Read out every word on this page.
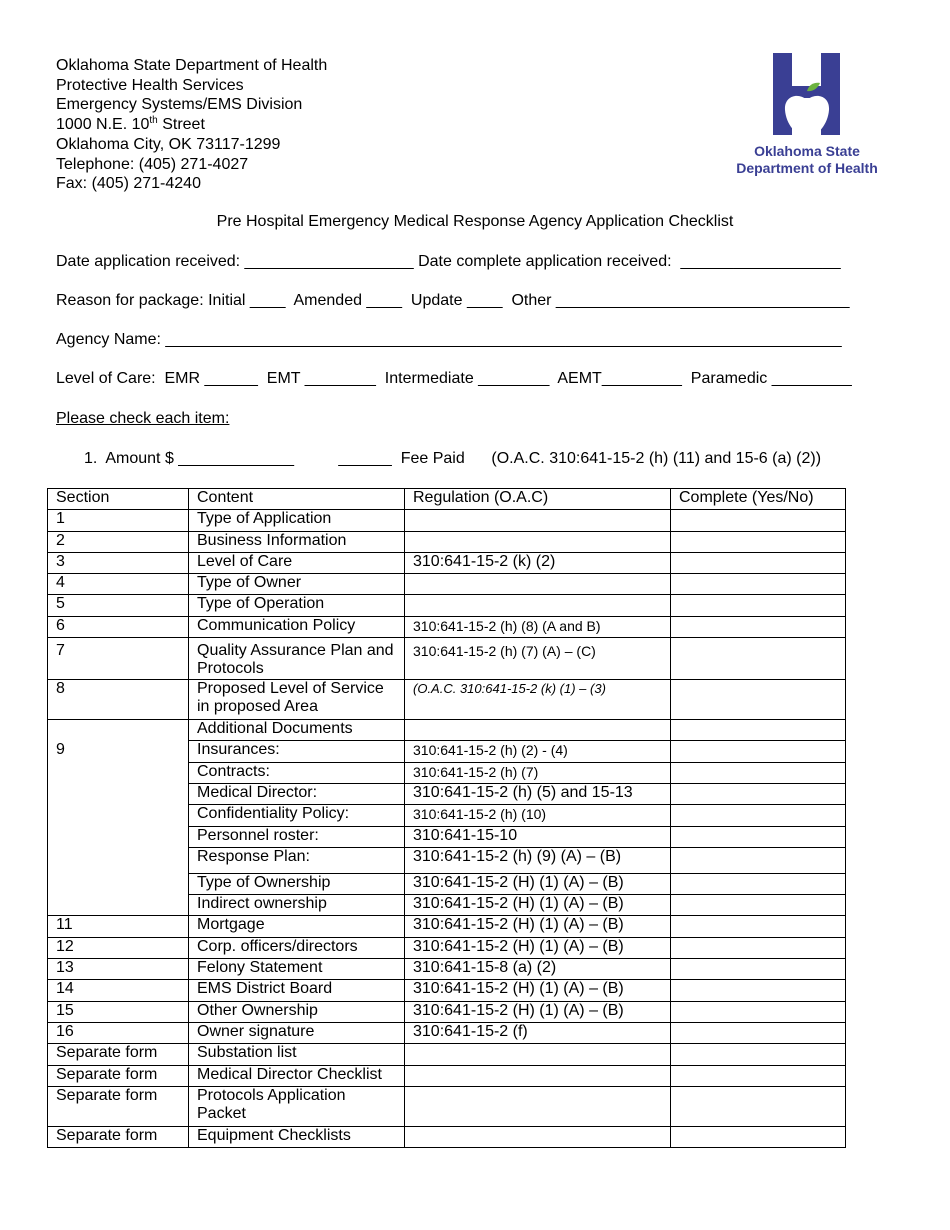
Oklahoma State Department of Health
Protective Health Services
Emergency Systems/EMS Division
1000 N.E. 10th Street
Oklahoma City, OK 73117-1299
Telephone: (405) 271-4027
Fax: (405) 271-4240
Oklahoma State
Department of Health
Pre Hospital Emergency Medical Response Agency Application Checklist
Date application received: ___________________ Date complete application received:  __________________
Reason for package: Initial ____  Amended ____  Update ____  Other _________________________________
Agency Name: ____________________________________________________________________________
Level of Care:  EMR ______  EMT ________  Intermediate ________  AEMT_________  Paramedic _________
Please check each item:
1.  Amount $ _____________          ______  Fee Paid      (O.A.C. 310:641-15-2 (h) (11) and 15-6 (a) (2))
Section	Content	Regulation (O.A.C)	Complete (Yes/No)
1	Type of Application		
2	Business Information		
3	Level of Care	310:641-15-2 (k) (2)	
4	Type of Owner		
5	Type of Operation		
6	Communication Policy	310:641-15-2 (h) (8) (A and B)	
7	Quality Assurance Plan and Protocols	310:641-15-2 (h) (7) (A) – (C)	
8	Proposed Level of Service in proposed Area	(O.A.C. 310:641-15-2 (k) (1) – (3)	
	Additional Documents		
9	Insurances:	310:641-15-2 (h) (2) - (4)	
	Contracts:	310:641-15-2 (h) (7)	
	Medical Director:	310:641-15-2 (h) (5) and 15-13	
	Confidentiality Policy:	310:641-15-2 (h) (10)	
	Personnel roster:	310:641-15-10	
	Response Plan:	310:641-15-2 (h) (9) (A) – (B)	
	Type of Ownership	310:641-15-2 (H) (1) (A) – (B)	
	Indirect ownership	310:641-15-2 (H) (1) (A) – (B)	
11	Mortgage	310:641-15-2 (H) (1) (A) – (B)	
12	Corp. officers/directors	310:641-15-2 (H) (1) (A) – (B)	
13	Felony Statement	310:641-15-8 (a) (2)	
14	EMS District Board	310:641-15-2 (H) (1) (A) – (B)	
15	Other Ownership	310:641-15-2 (H) (1) (A) – (B)	
16	Owner signature	310:641-15-2 (f)	
Separate form	Substation list		
Separate form	Medical Director Checklist		
Separate form	Protocols Application Packet		
Separate form	Equipment Checklists		
